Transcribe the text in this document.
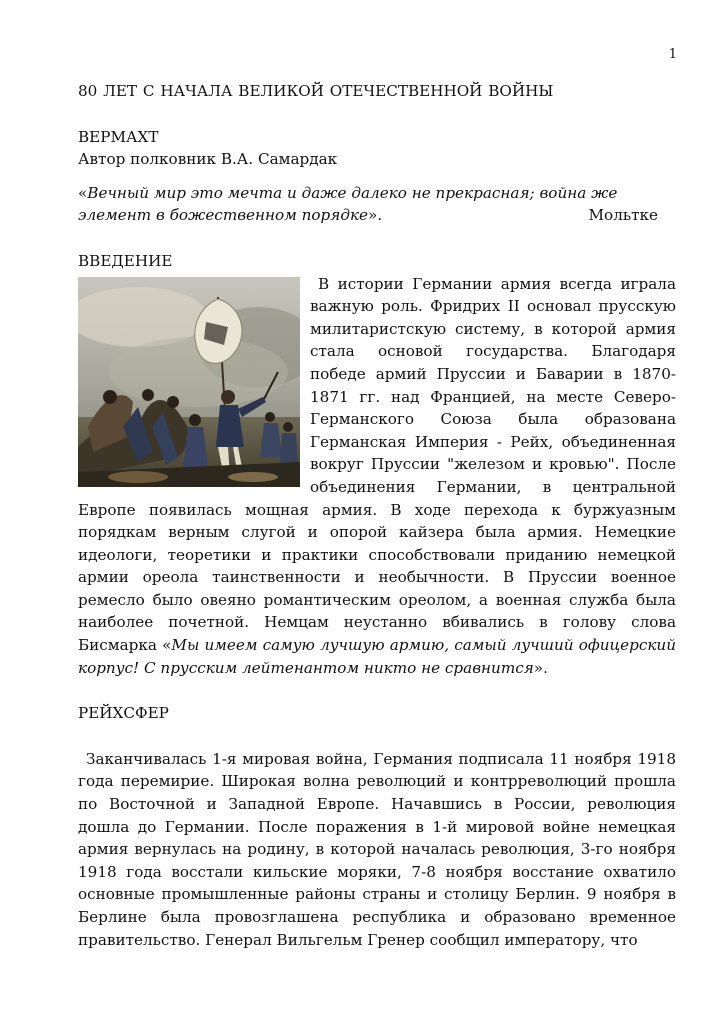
1
80 ЛЕТ С НАЧАЛА ВЕЛИКОЙ ОТЕЧЕСТВЕННОЙ ВОЙНЫ
ВЕРМАХТ

Автор полковник В.А. Самардак

«Вечный мир это мечта и даже далеко не прекрасная; война же элемент в божественном порядке».	Мольтке

ВВЕДЕНИЕ

В истории Германии армия всегда играла важную роль. Фридрих II основал прусскую милитаристскую систему, в которой армия стала основой государства. Благодаря победе армий Пруссии и Баварии в 1870-1871 гг. над Францией, на месте Северо-Германского Союза была образована Германская Империя - Рейх, объединенная вокруг Пруссии "железом и кровью". После объединения Германии, в центральной Европе появилась мощная армия. В ходе перехода к буржуазным порядкам верным слугой и опорой кайзера была армия. Немецкие идеологи, теоретики и практики способствовали приданию немецкой армии ореола таинственности и необычности. В Пруссии военное ремесло было овеяно романтическим ореолом, а военная служба была наиболее почетной. Немцам неустанно вбивались в голову слова Бисмарка «Мы имеем самую лучшую армию, самый лучший офицерский корпус! С прусским лейтенантом никто не сравнится».

РЕЙХСФЕР

Заканчивалась 1-я мировая война, Германия подписала 11 ноября 1918 года перемирие. Широкая волна революций и контрреволюций прошла по Восточной и Западной Европе. Начавшись в России, революция дошла до Германии. После поражения в 1-й мировой войне немецкая армия вернулась на родину, в которой началась революция, 3-го ноября 1918 года восстали кильские моряки, 7-8 ноября восстание охватило основные промышленные районы страны и столицу Берлин. 9 ноября в Берлине была провозглашена республика и образовано временное правительство. Генерал Вильгельм Гренер сообщил императору, что
